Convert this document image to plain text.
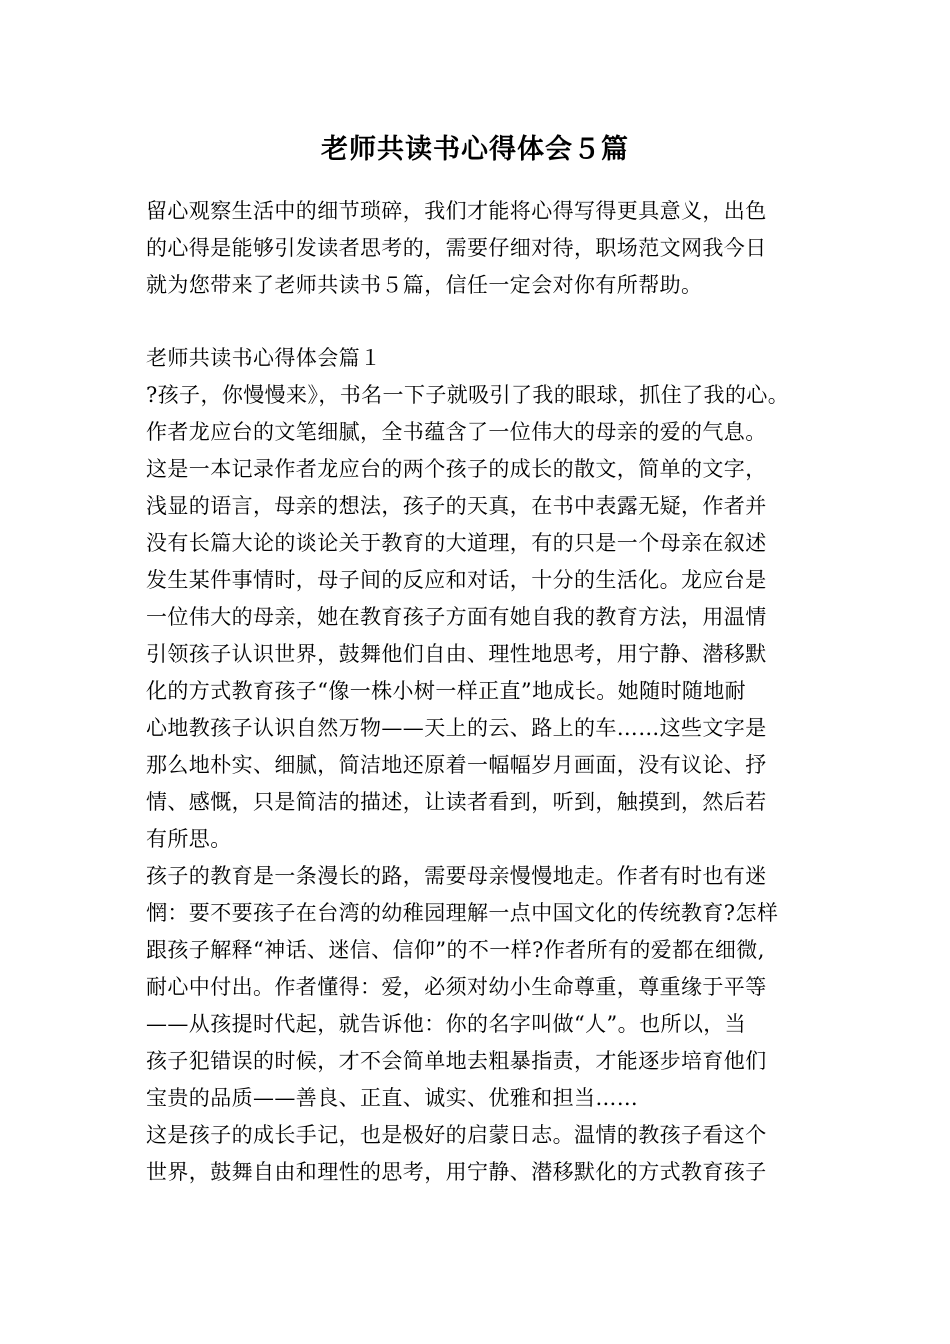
老师共读书心得体会５篇
留心观察生活中的细节琐碎，我们才能将心得写得更具意义，出色
的心得是能够引发读者思考的，需要仔细对待，职场范文网我今日
就为您带来了老师共读书５篇，信任一定会对你有所帮助。
老师共读书心得体会篇１
?孩子，你慢慢来》，书名一下子就吸引了我的眼球，抓住了我的心。
作者龙应台的文笔细腻，全书蕴含了一位伟大的母亲的爱的气息。
这是一本记录作者龙应台的两个孩子的成长的散文，简单的文字，
浅显的语言，母亲的想法，孩子的天真，在书中表露无疑，作者并
没有长篇大论的谈论关于教育的大道理，有的只是一个母亲在叙述
发生某件事情时，母子间的反应和对话，十分的生活化。龙应台是
一位伟大的母亲，她在教育孩子方面有她自我的教育方法，用温情
引领孩子认识世界，鼓舞他们自由、理性地思考，用宁静、潜移默
化的方式教育孩子“像一株小树一样正直”地成长。她随时随地耐
心地教孩子认识自然万物——天上的云、路上的车……这些文字是
那么地朴实、细腻，简洁地还原着一幅幅岁月画面，没有议论、抒
情、感慨，只是简洁的描述，让读者看到，听到，触摸到，然后若
有所思。
孩子的教育是一条漫长的路，需要母亲慢慢地走。作者有时也有迷
惘：要不要孩子在台湾的幼稚园理解一点中国文化的传统教育?怎样
跟孩子解释“神话、迷信、信仰”的不一样?作者所有的爱都在细微,
耐心中付出。作者懂得：爱，必须对幼小生命尊重，尊重缘于平等
——从孩提时代起，就告诉他：你的名字叫做“人”。也所以，当
孩子犯错误的时候，才不会简单地去粗暴指责，才能逐步培育他们
宝贵的品质——善良、正直、诚实、优雅和担当……
这是孩子的成长手记，也是极好的启蒙日志。温情的教孩子看这个
世界，鼓舞自由和理性的思考，用宁静、潜移默化的方式教育孩子
